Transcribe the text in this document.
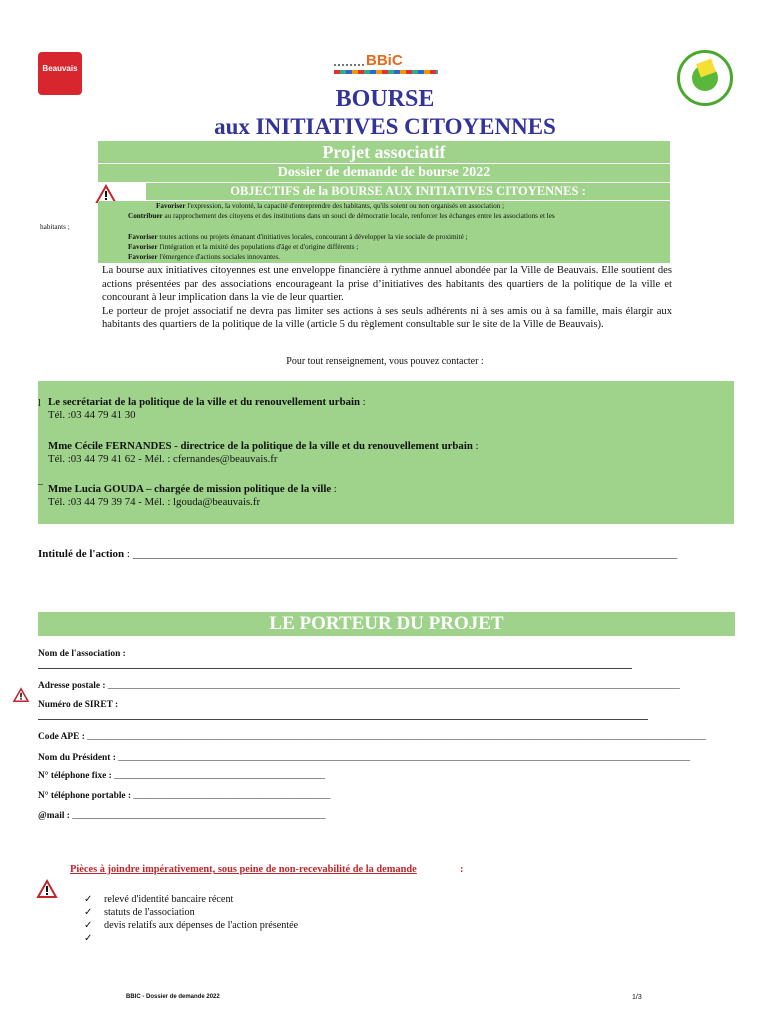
Beauvais	BBiC
BOURSE
aux INITIATIVES CITOYENNES
Projet associatif
Dossier de demande de bourse 2022
OBJECTIFS de la BOURSE AUX INITIATIVES CITOYENNES :
Favoriser l'expression, la volonté, la capacité d'entreprendre des habitants, qu'ils soient ou non organisés en association ;
Contribuer au rapprochement des citoyens et des institutions dans un souci de démocratie locale, renforcer les échanges entre les associations et les
habitants ;
Favoriser toutes actions ou projets émanant d'initiatives locales, concourant à développer la vie sociale de proximité ;
Favoriser l'intégration et la mixité des populations d'âge et d'origine différents ;
Favoriser l'émergence d'actions sociales innovantes.

La bourse aux initiatives citoyennes est une enveloppe financière à rythme annuel abondée par la Ville de Beauvais. Elle soutient des actions présentées par des associations encourageant la prise d’initiatives des habitants des quartiers de la politique de la ville et concourant à leur implication dans la vie de leur quartier.

Le porteur de projet associatif ne devra pas limiter ses actions à ses seuls adhérents ni à ses amis ou à sa famille, mais élargir aux habitants des quartiers de la politique de la ville (article 5 du règlement consultable sur le site de la Ville de Beauvais).

Pour tout renseignement, vous pouvez contacter :
l Le secrétariat de la politique de la ville et du renouvellement urbain :
Tél. :03 44 79 41 30
Mme Cécile FERNANDES - directrice de la politique de la ville et du renouvellement urbain :
Tél. :03 44 79 41 62 - Mél. : cfernandes@beauvais.fr
– Mme Lucia GOUDA – chargée de mission politique de la ville :
Tél. :03 44 79 39 74 - Mél. : lgouda@beauvais.fr
Intitulé de l'action : ___________________________________________________________________________________________________
LE PORTEUR DU PROJET
Nom de l'association :
Adresse postale : __________________________________________________________________________________________________________________________
Numéro de SIRET :
Code APE : ____________________________________________________________________________________________________________________________________
Nom du Président : __________________________________________________________________________________________________________________________
N° téléphone fixe : _____________________________________________
N° téléphone portable : __________________________________________
@mail : ______________________________________________________
Pièces à joindre impérativement, sous peine de non-recevabilité de la demande	:
✓ relevé d'identité bancaire récent
✓ statuts de l'association
✓ devis relatifs aux dépenses de l'action présentée
✓
BBIC - Dossier de demande 2022	1/3
